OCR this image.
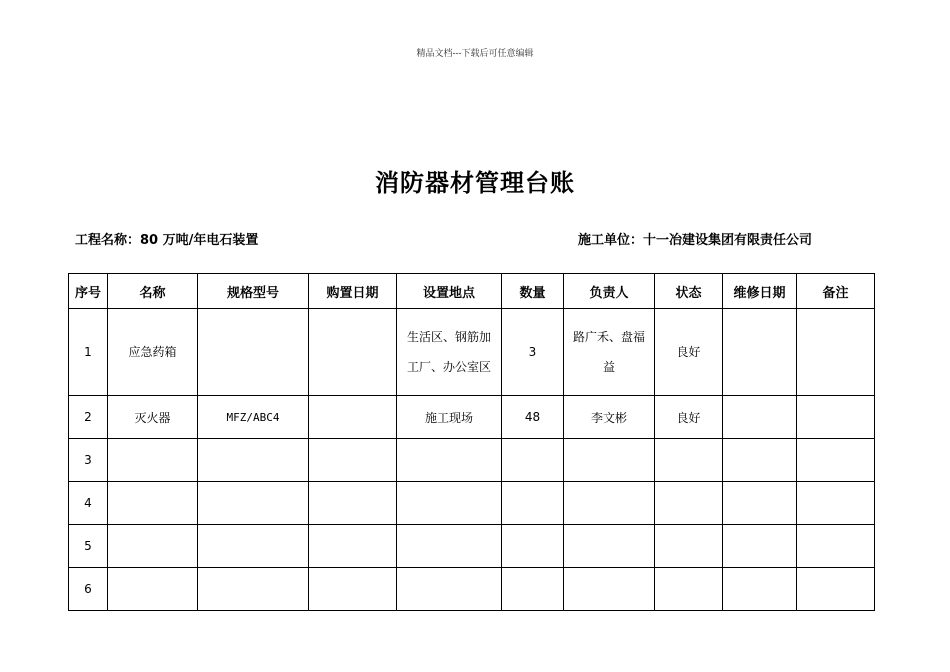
精品文档---下载后可任意编辑
消防器材管理台账
工程名称：80 万吨/年电石装置	施工单位：十一冶建设集团有限责任公司
序号	名称	规格型号	购置日期	设置地点	数量	负责人	状态	维修日期	备注
1	应急药箱			生活区、钢筋加工厂、办公室区	3	路广禾、盘福益	良好		
2	灭火器	MFZ/ABC4		施工现场	48	李文彬	良好		
3									
4									
5									
6									
